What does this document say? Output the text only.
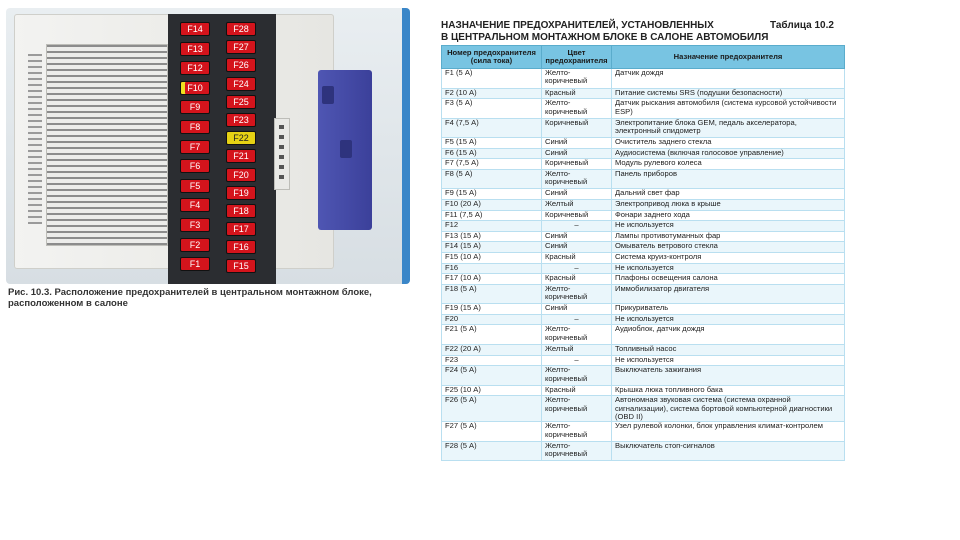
F14
F13
F12
F10
F9
F8
F7
F6
F5
F4
F3
F2
F1
F28
F27
F26
F24
F25
F23
F22
F21
F20
F19
F18
F17
F16
F15
Рис. 10.3. Расположение предохранителей в центральном монтажном блоке, расположенном в салоне
НАЗНАЧЕНИЕ ПРЕДОХРАНИТЕЛЕЙ, УСТАНОВЛЕННЫХ
В ЦЕНТРАЛЬНОМ МОНТАЖНОМ БЛОКЕ В САЛОНЕ АВТОМОБИЛЯ
Таблица 10.2
Номер предохранителя (сила тока)	Цвет предохранителя	Назначение предохранителя
F1 (5 А)	Желто-коричневый	Датчик дождя
F2 (10 А)	Красный	Питание системы SRS (подушки безопасности)
F3 (5 А)	Желто-коричневый	Датчик рыскания автомобиля (система курсовой устойчивости ESP)
F4 (7,5 А)	Коричневый	Электропитание блока GEM, педаль акселератора, электронный спидометр
F5 (15 А)	Синий	Очиститель заднего стекла
F6 (15 А)	Синий	Аудиосистема (включая голосовое управление)
F7 (7,5 А)	Коричневый	Модуль рулевого колеса
F8 (5 А)	Желто-коричневый	Панель приборов
F9 (15 А)	Синий	Дальний свет фар
F10 (20 А)	Желтый	Электропривод люка в крыше
F11 (7,5 А)	Коричневый	Фонари заднего хода
F12	–	Не используется
F13 (15 А)	Синий	Лампы противотуманных фар
F14 (15 А)	Синий	Омыватель ветрового стекла
F15 (10 А)	Красный	Система круиз-контроля
F16	–	Не используется
F17 (10 А)	Красный	Плафоны освещения салона
F18 (5 А)	Желто-коричневый	Иммобилизатор двигателя
F19 (15 А)	Синий	Прикуриватель
F20	–	Не используется
F21 (5 А)	Желто-коричневый	Аудиоблок, датчик дождя
F22 (20 А)	Желтый	Топливный насос
F23	–	Не используется
F24 (5 А)	Желто-коричневый	Выключатель зажигания
F25 (10 А)	Красный	Крышка люка топливного бака
F26 (5 А)	Желто-коричневый	Автономная звуковая система (система охранной сигнализации), система бортовой компьютерной диагностики (OBD II)
F27 (5 А)	Желто-коричневый	Узел рулевой колонки, блок управления климат-контролем
F28 (5 А)	Желто-коричневый	Выключатель стоп-сигналов
